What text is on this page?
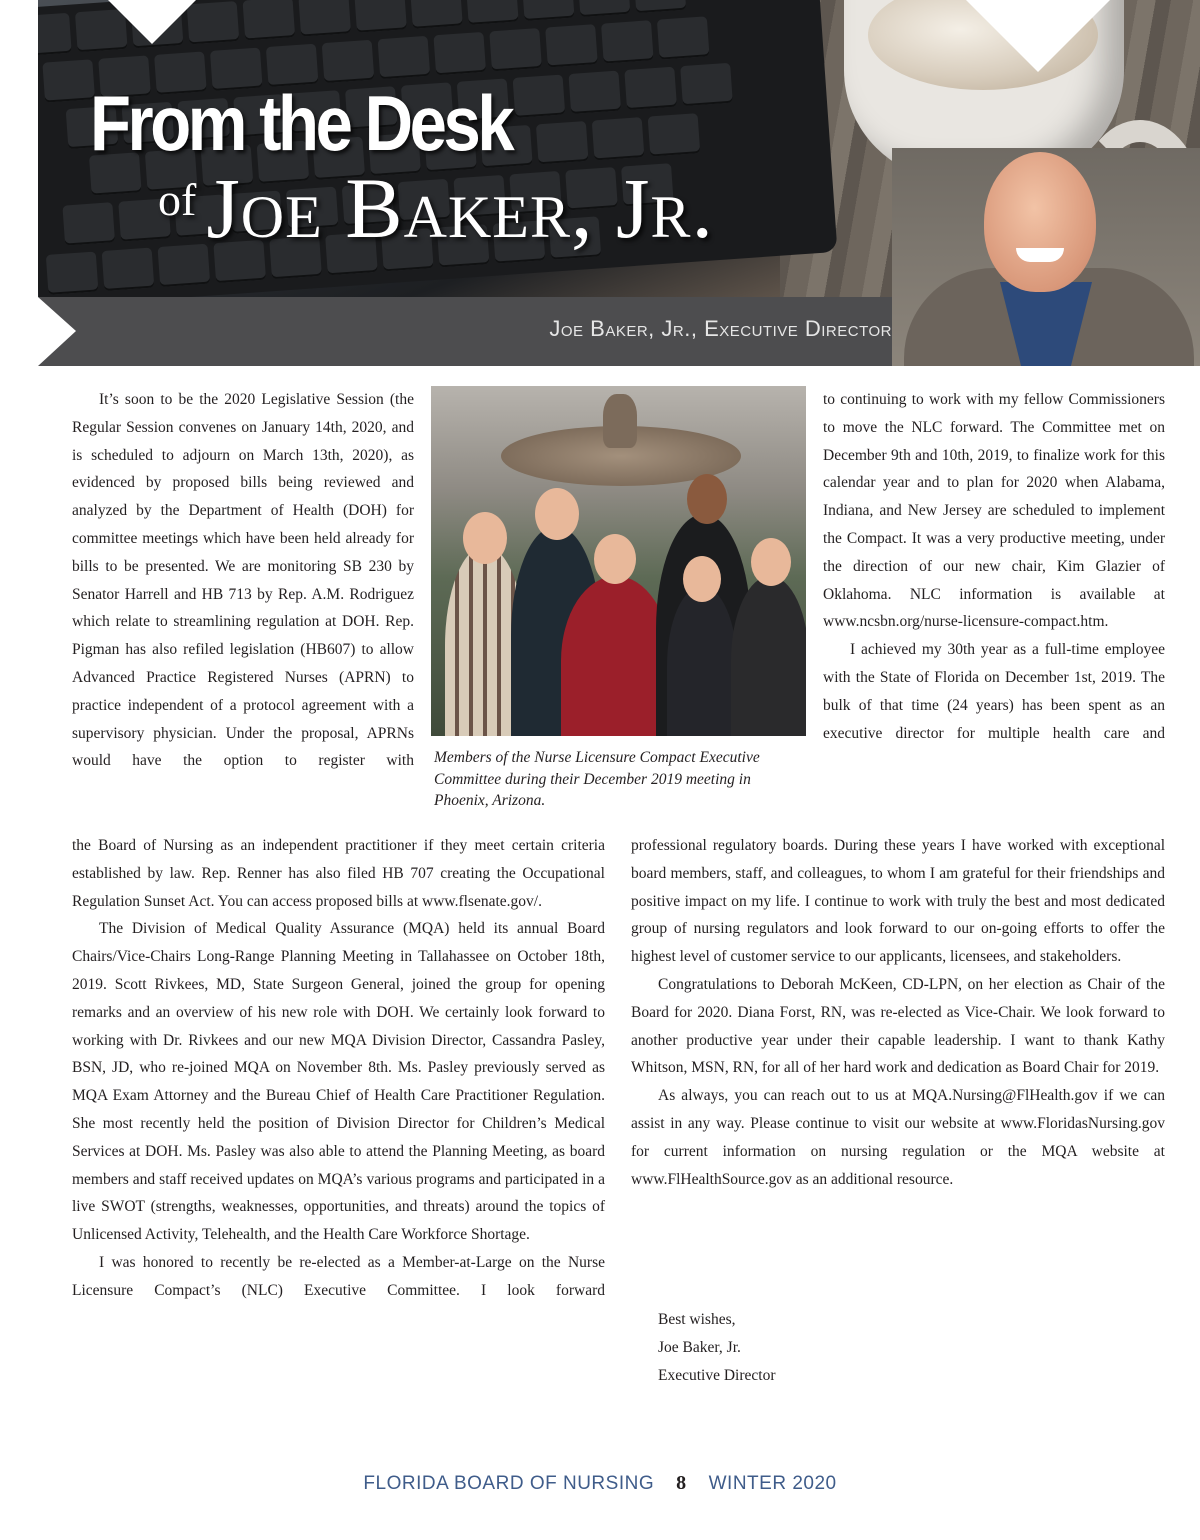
From the Desk
of Joe Baker, Jr.
Joe Baker, Jr., Executive Director

Members of the Nurse Licensure Compact Executive Committee during their December 2019 meeting in Phoenix, Arizona.

It’s soon to be the 2020 Legislative Session (the Regular Session convenes on January 14th, 2020, and is scheduled to adjourn on March 13th, 2020), as evidenced by proposed bills being reviewed and analyzed by the Department of Health (DOH) for committee meetings which have been held already for bills to be presented. We are monitoring SB 230 by Senator Harrell and HB 713 by Rep. A.M. Rodriguez which relate to streamlining regulation at DOH. Rep. Pigman has also refiled legislation (HB607) to allow Advanced Practice Registered Nurses (APRN) to practice independent of a protocol agreement with a supervisory physician. Under the proposal, APRNs would have the option to register with

the Board of Nursing as an independent practitioner if they meet certain criteria established by law. Rep. Renner has also filed HB 707 creating the Occupational Regulation Sunset Act. You can access proposed bills at www.flsenate.gov/.

The Division of Medical Quality Assurance (MQA) held its annual Board Chairs/Vice-Chairs Long-Range Planning Meeting in Tallahassee on October 18th, 2019. Scott Rivkees, MD, State Surgeon General, joined the group for opening remarks and an overview of his new role with DOH. We certainly look forward to working with Dr. Rivkees and our new MQA Division Director, Cassandra Pasley, BSN, JD, who re-joined MQA on November 8th. Ms. Pasley previously served as MQA Exam Attorney and the Bureau Chief of Health Care Practitioner Regulation. She most recently held the position of Division Director for Children’s Medical Services at DOH. Ms. Pasley was also able to attend the Planning Meeting, as board members and staff received updates on MQA’s various programs and participated in a live SWOT (strengths, weaknesses, opportunities, and threats) around the topics of Unlicensed Activity, Telehealth, and the Health Care Workforce Shortage.

I was honored to recently be re-elected as a Member-at-Large on the Nurse Licensure Compact’s (NLC) Executive Committee. I look forward

to continuing to work with my fellow Commissioners to move the NLC forward. The Committee met on December 9th and 10th, 2019, to finalize work for this calendar year and to plan for 2020 when Alabama, Indiana, and New Jersey are scheduled to implement the Compact. It was a very productive meeting, under the direction of our new chair, Kim Glazier of Oklahoma. NLC information is available at www.ncsbn.org/nurse-licensure-compact.htm.

I achieved my 30th year as a full-time employee with the State of Florida on December 1st, 2019. The bulk of that time (24 years) has been spent as an executive director for multiple health care and

professional regulatory boards. During these years I have worked with exceptional board members, staff, and colleagues, to whom I am grateful for their friendships and positive impact on my life. I continue to work with truly the best and most dedicated group of nursing regulators and look forward to our on-going efforts to offer the highest level of customer service to our applicants, licensees, and stakeholders.

Congratulations to Deborah McKeen, CD-LPN, on her election as Chair of the Board for 2020. Diana Forst, RN, was re-elected as Vice-Chair. We look forward to another productive year under their capable leadership. I want to thank Kathy Whitson, MSN, RN, for all of her hard work and dedication as Board Chair for 2019.

As always, you can reach out to us at MQA.Nursing@FlHealth.gov if we can assist in any way. Please continue to visit our website at www.FloridasNursing.gov for current information on nursing regulation or the MQA website at www.FlHealthSource.gov as an additional resource.

Best wishes,
Joe Baker, Jr.
Executive Director
FLORIDA BOARD OF NURSING 8 WINTER 2020
